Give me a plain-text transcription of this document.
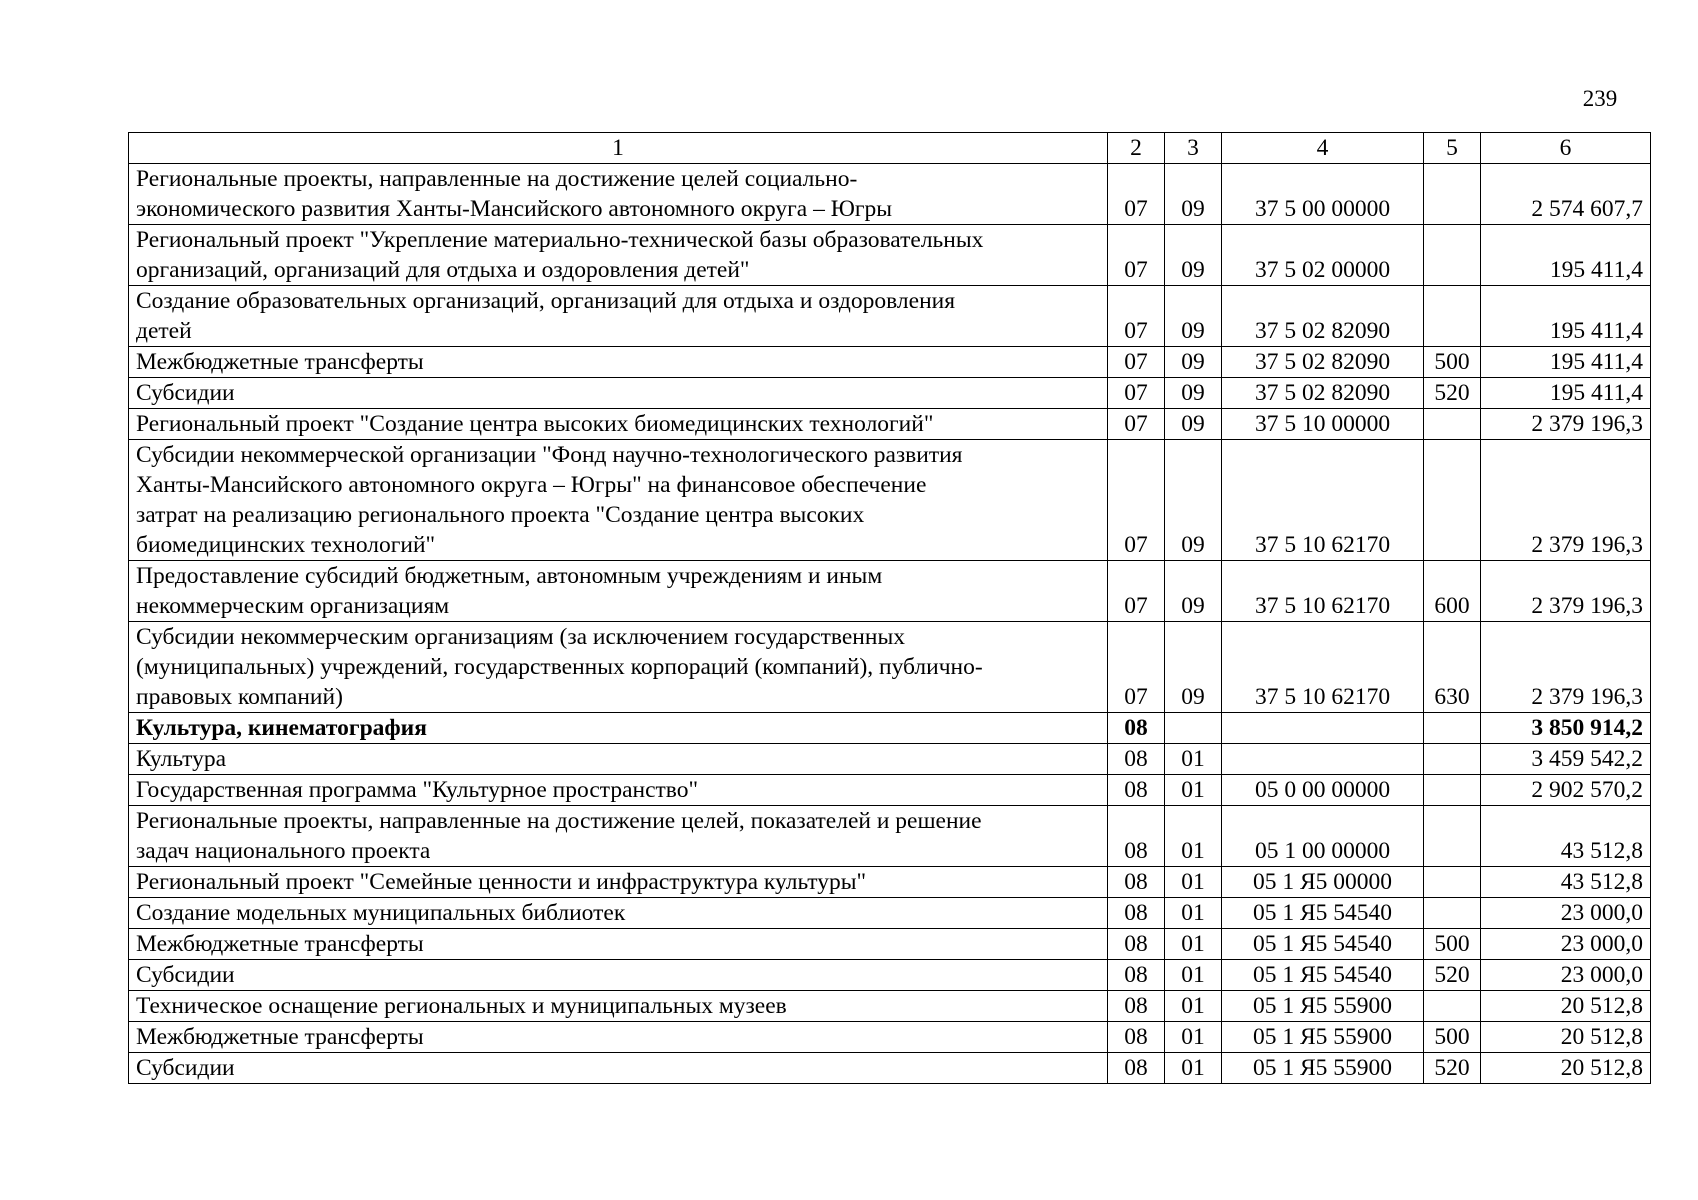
239
1	2	3	4	5	6
Региональные проекты, направленные на достижение целей социально-
экономического развития Ханты-Мансийского автономного округа – Югры	07	09	37 5 00 00000		2 574 607,7
Региональный проект "Укрепление материально-технической базы образовательных
организаций, организаций для отдыха и оздоровления детей"	07	09	37 5 02 00000		195 411,4
Создание образовательных организаций, организаций для отдыха и оздоровления
детей	07	09	37 5 02 82090		195 411,4
Межбюджетные трансферты	07	09	37 5 02 82090	500	195 411,4
Субсидии	07	09	37 5 02 82090	520	195 411,4
Региональный проект "Создание центра высоких биомедицинских технологий"	07	09	37 5 10 00000		2 379 196,3
Субсидии некоммерческой организации "Фонд научно-технологического развития
Ханты-Мансийского автономного округа – Югры" на финансовое обеспечение
затрат на реализацию регионального проекта "Создание центра высоких
биомедицинских технологий"	07	09	37 5 10 62170		2 379 196,3
Предоставление субсидий бюджетным, автономным учреждениям и иным
некоммерческим организациям	07	09	37 5 10 62170	600	2 379 196,3
Субсидии некоммерческим организациям (за исключением государственных
(муниципальных) учреждений, государственных корпораций (компаний), публично-
правовых компаний)	07	09	37 5 10 62170	630	2 379 196,3
Культура, кинематография	08				3 850 914,2
Культура	08	01			3 459 542,2
Государственная программа "Культурное пространство"	08	01	05 0 00 00000		2 902 570,2
Региональные проекты, направленные на достижение целей, показателей и решение
задач национального проекта	08	01	05 1 00 00000		43 512,8
Региональный проект "Семейные ценности и инфраструктура культуры"	08	01	05 1 Я5 00000		43 512,8
Создание модельных муниципальных библиотек	08	01	05 1 Я5 54540		23 000,0
Межбюджетные трансферты	08	01	05 1 Я5 54540	500	23 000,0
Субсидии	08	01	05 1 Я5 54540	520	23 000,0
Техническое оснащение региональных и муниципальных музеев	08	01	05 1 Я5 55900		20 512,8
Межбюджетные трансферты	08	01	05 1 Я5 55900	500	20 512,8
Субсидии	08	01	05 1 Я5 55900	520	20 512,8
